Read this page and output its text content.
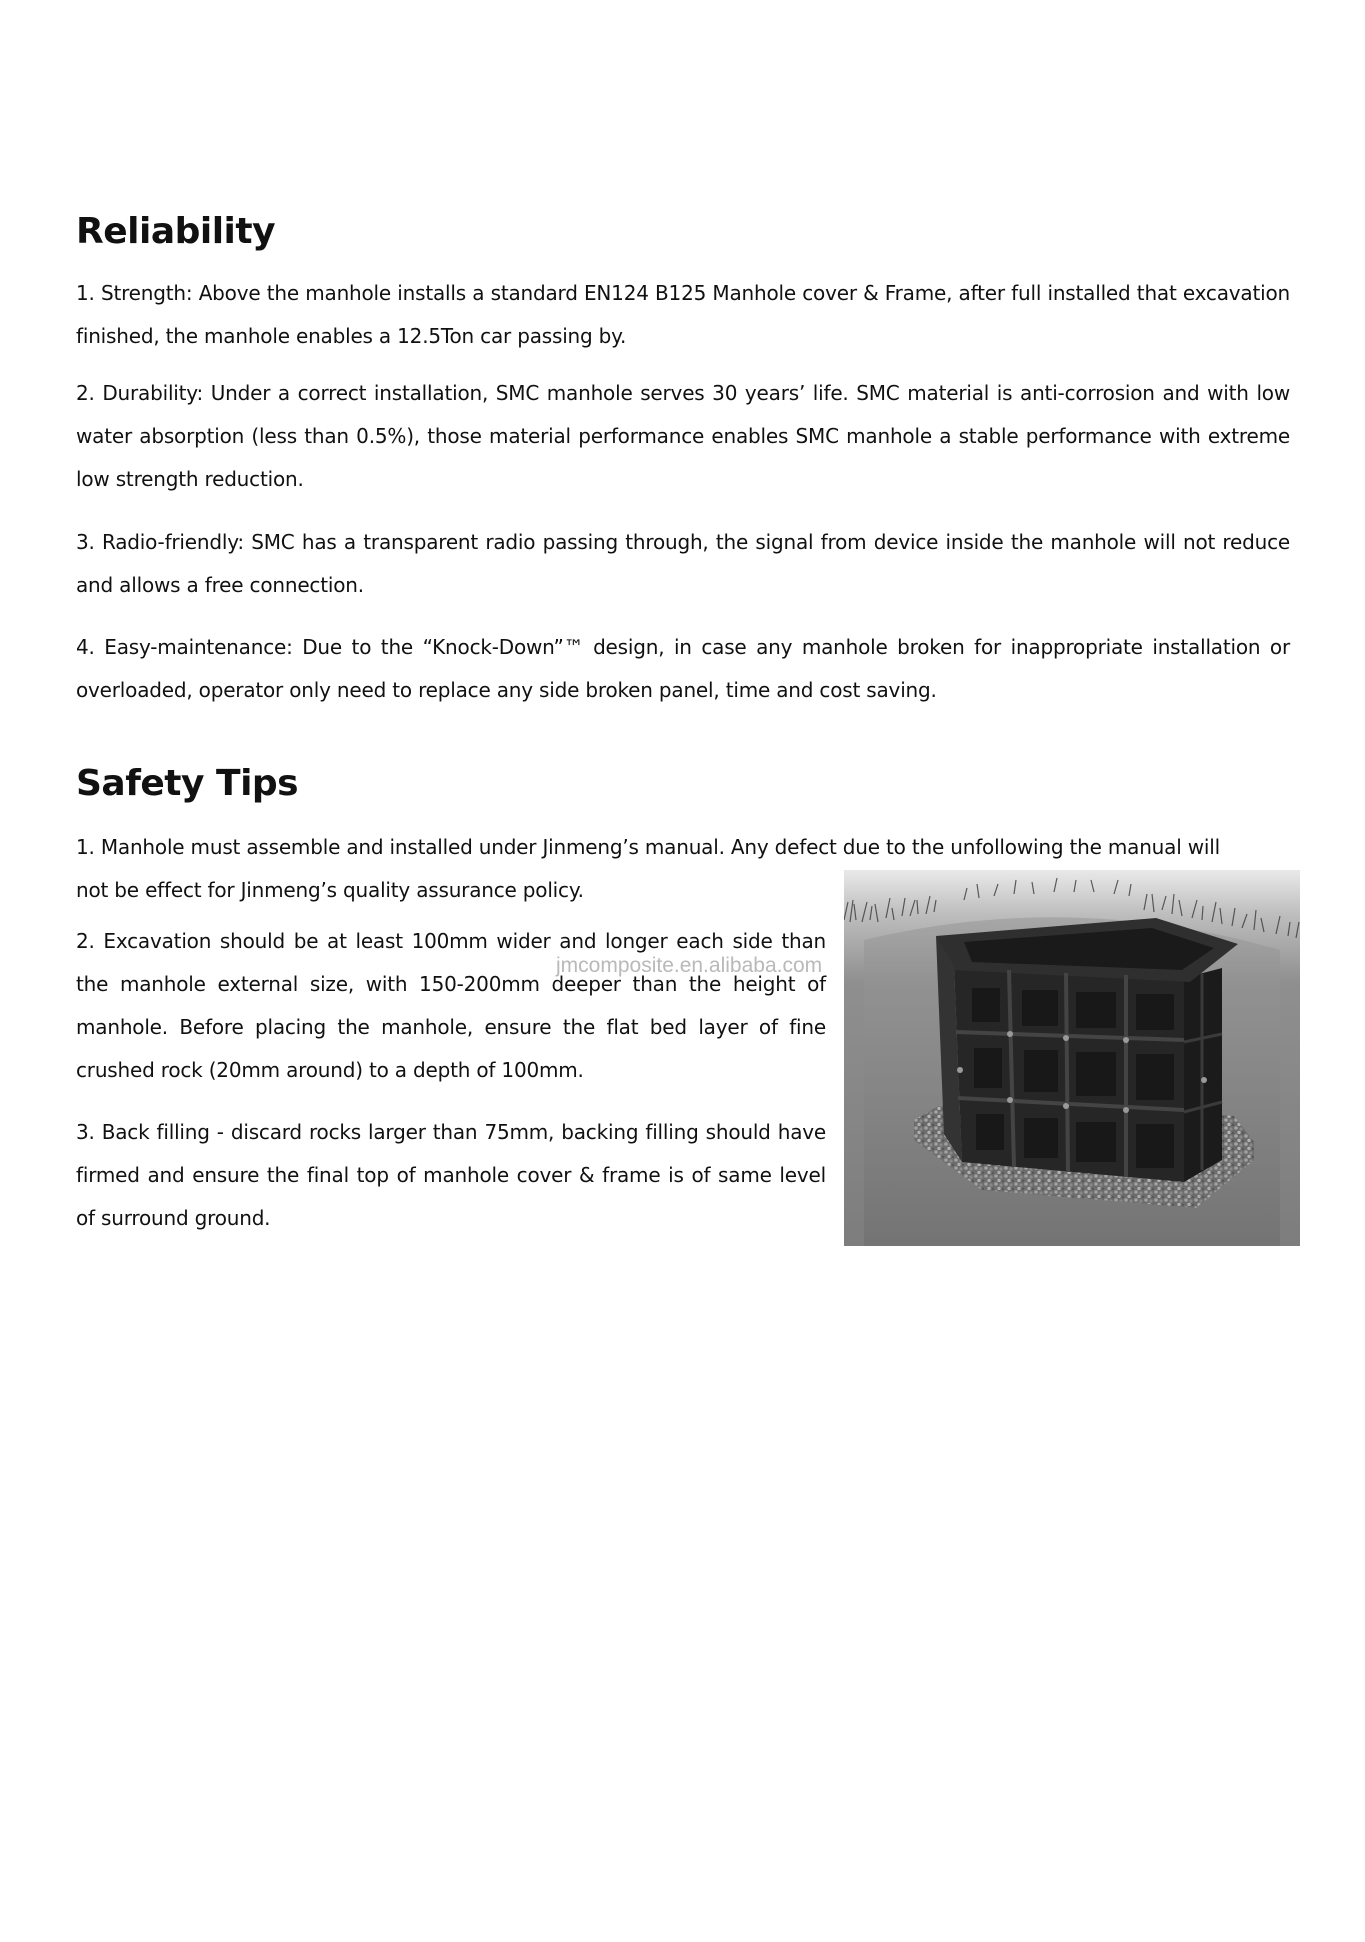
Reliability

1. Strength: Above the manhole installs a standard EN124 B125 Manhole cover & Frame, after full installed that excavation finished, the manhole enables a 12.5Ton car passing by.

2. Durability: Under a correct installation, SMC manhole serves 30 years’ life. SMC material is anti-corrosion and with low water absorption (less than 0.5%), those material performance enables SMC manhole a stable performance with extreme low strength reduction.

3. Radio-friendly: SMC has a transparent radio passing through, the signal from device inside the manhole will not reduce and allows a free connection.

4. Easy-maintenance: Due to the “Knock-Down”™ design, in case any manhole broken for inappropriate installation or overloaded, operator only need to replace any side broken panel, time and cost saving.

Safety Tips

1. Manhole must assemble and installed under Jinmeng’s manual. Any defect due to the unfollowing the manual will not be effect for Jinmeng’s quality assurance policy.

2. Excavation should be at least 100mm wider and longer each side than the manhole external size, with 150-200mm deeper than the height of manhole. Before placing the manhole, ensure the flat bed layer of fine crushed rock (20mm around) to a depth of 100mm.

jmcomposite.en.alibaba.com

3. Back filling - discard rocks larger than 75mm, backing filling should have firmed and ensure the final top of manhole cover & frame is of same level of surround ground.
